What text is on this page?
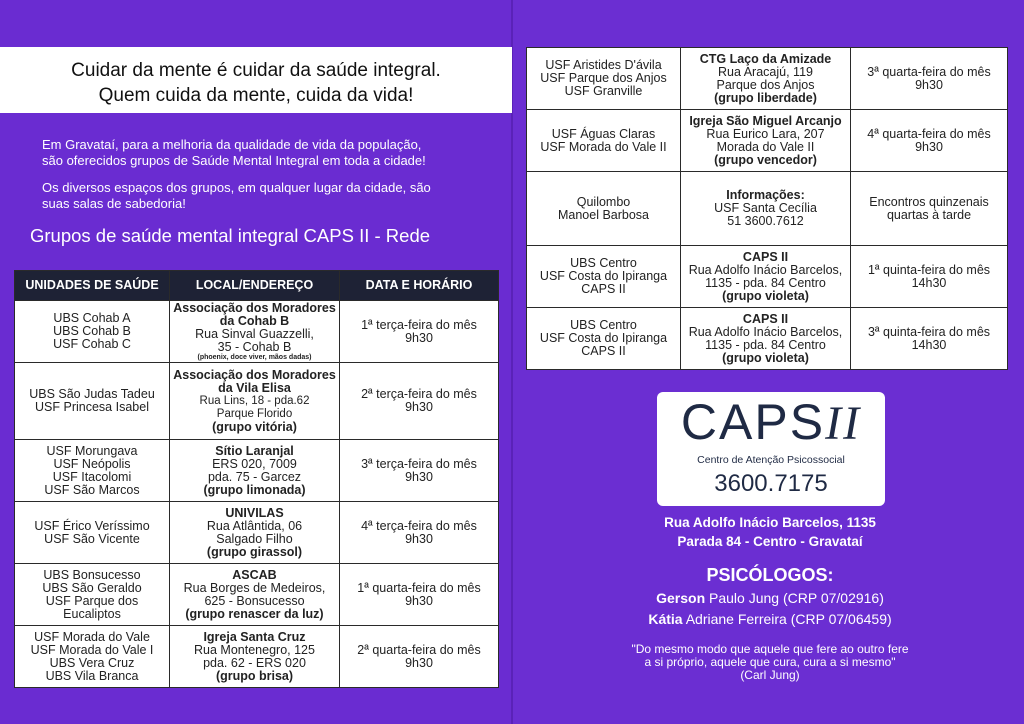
Cuidar da mente é cuidar da saúde integral.
Quem cuida da mente, cuida da vida!
Em Gravataí, para a melhoria da qualidade de vida da população,
são oferecidos grupos de Saúde Mental Integral em toda a cidade!
Os diversos espaços dos grupos, em qualquer lugar da cidade, são
suas salas de sabedoria!
Grupos de saúde mental integral CAPS II - Rede
UNIDADES DE SAÚDE	LOCAL/ENDEREÇO	DATA E HORÁRIO

UBS Cohab A
UBS Cohab B
USF Cohab C	Associação dos Moradores
da Cohab B
Rua Sinval Guazzelli,
35 - Cohab B
(phoenix, doce viver, mãos dadas)	1ª terça-feira do mês
9h30

UBS São Judas Tadeu
USF Princesa Isabel	Associação dos Moradores
da Vila Elisa
Rua Lins, 18 - pda.62
Parque Florido
(grupo vitória)	2ª terça-feira do mês
9h30

USF Morungava
USF Neópolis
USF Itacolomi
USF São Marcos	Sítio Laranjal
ERS 020, 7009
pda. 75 - Garcez
(grupo limonada)	3ª terça-feira do mês
9h30

USF Érico Veríssimo
USF São Vicente	UNIVILAS
Rua Atlântida, 06
Salgado Filho
(grupo girassol)	4ª terça-feira do mês
9h30

UBS Bonsucesso
UBS São Geraldo
USF Parque dos
Eucaliptos	ASCAB
Rua Borges de Medeiros,
625 - Bonsucesso
(grupo renascer da luz)	1ª quarta-feira do mês
9h30

USF Morada do Vale
USF Morada do Vale I
UBS Vera Cruz
UBS Vila Branca	Igreja Santa Cruz
Rua Montenegro, 125
pda. 62 - ERS 020
(grupo brisa)	2ª quarta-feira do mês
9h30
USF Aristides D'ávila
USF Parque dos Anjos
USF Granville	CTG Laço da Amizade
Rua Aracajú, 119
Parque dos Anjos
(grupo liberdade)	3ª quarta-feira do mês
9h30

USF Águas Claras
USF Morada do Vale II	Igreja São Miguel Arcanjo
Rua Eurico Lara, 207
Morada do Vale II
(grupo vencedor)	4ª quarta-feira do mês
9h30

Quilombo
Manoel Barbosa	Informações:
USF Santa Cecília
51 3600.7612	Encontros quinzenais
quartas à tarde

UBS Centro
USF Costa do Ipiranga
CAPS II	CAPS II
Rua Adolfo Inácio Barcelos,
1135 - pda. 84 Centro
(grupo violeta)	1ª quinta-feira do mês
14h30

UBS Centro
USF Costa do Ipiranga
CAPS II	CAPS II
Rua Adolfo Inácio Barcelos,
1135 - pda. 84 Centro
(grupo violeta)	3ª quinta-feira do mês
14h30
CAPSII
Centro de Atenção Psicossocial
3600.7175
Rua Adolfo Inácio Barcelos, 1135
Parada 84 - Centro - Gravataí
PSICÓLOGOS:
Gerson Paulo Jung (CRP 07/02916)
Kátia Adriane Ferreira (CRP 07/06459)
"Do mesmo modo que aquele que fere ao outro fere
a si próprio, aquele que cura, cura a si mesmo"
(Carl Jung)
